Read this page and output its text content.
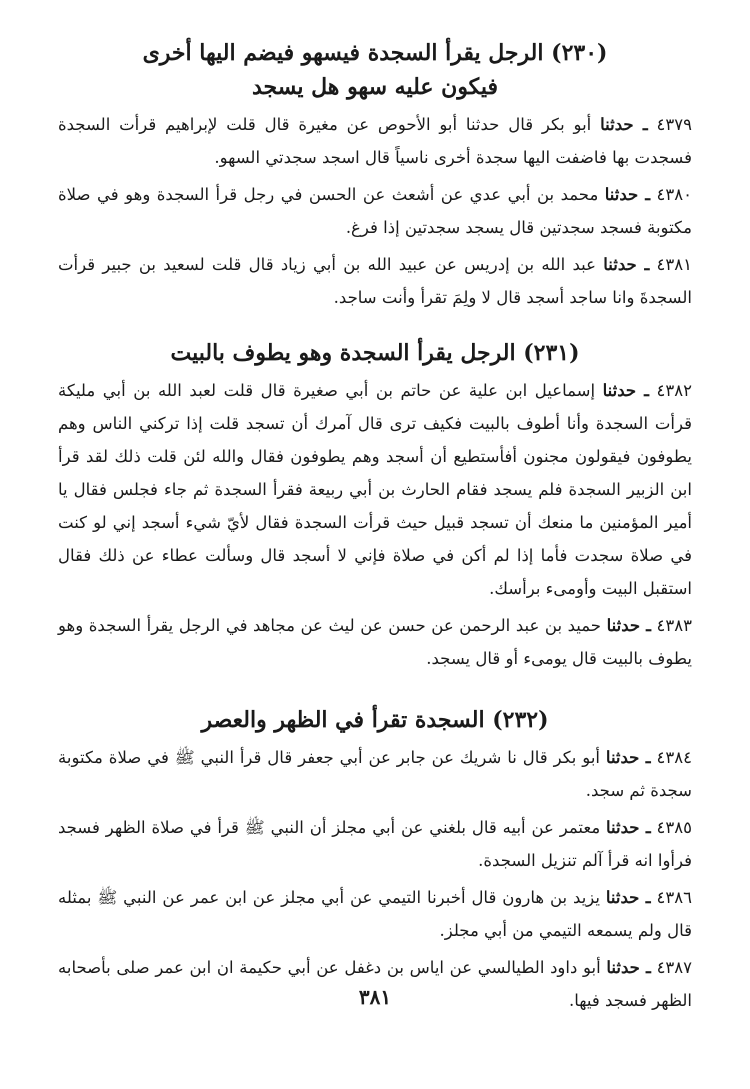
(٢٣٠) الرجل يقرأ السجدة فيسهو فيضم اليها أخرى
فيكون عليه سهو هل يسجد

٤٣٧٩ ـ حدثنا أبو بكر قال حدثنا أبو الأحوص عن مغيرة قال قلت لإبراهيم قرأت السجدة فسجدت بها فاضفت اليها سجدة أخرى ناسياً قال اسجد سجدتي السهو.

٤٣٨٠ ـ حدثنا محمد بن أبي عدي عن أشعث عن الحسن في رجل قرأ السجدة وهو في صلاة مكتوبة فسجد سجدتين قال يسجد سجدتين إذا فرغ.

٤٣٨١ ـ حدثنا عبد الله بن إدريس عن عبيد الله بن أبي زياد قال قلت لسعيد بن جبير قرأت السجدةَ وانا ساجد أسجد قال لا ولِمَ تقرأ وأنت ساجد.

(٢٣١) الرجل يقرأ السجدة وهو يطوف بالبيت

٤٣٨٢ ـ حدثنا إسماعيل ابن علية عن حاتم بن أبي صغيرة قال قلت لعبد الله بن أبي مليكة قرأت السجدة وأنا أطوف بالبيت فكيف ترى قال آمرك أن تسجد قلت إذا تركني الناس وهم يطوفون فيقولون مجنون أفأستطيع أن أسجد وهم يطوفون فقال والله لئن قلت ذلك لقد قرأ ابن الزبير السجدة فلم يسجد فقام الحارث بن أبي ربيعة فقرأ السجدة ثم جاء فجلس فقال يا أمير المؤمنين ما منعك أن تسجد قبيل حيث قرأت السجدة فقال لأيّ شيء أسجد إني لو كنت في صلاة سجدت فأما إذا لم أكن في صلاة فإني لا أسجد قال وسألت عطاء عن ذلك فقال استقبل البيت وأومىء برأسك.

٤٣٨٣ ـ حدثنا حميد بن عبد الرحمن عن حسن عن ليث عن مجاهد في الرجل يقرأ السجدة وهو يطوف بالبيت قال يومىء أو قال يسجد.

(٢٣٢) السجدة تقرأ في الظهر والعصر

٤٣٨٤ ـ حدثنا أبو بكر قال نا شريك عن جابر عن أبي جعفر قال قرأ النبي ﷺ في صلاة مكتوبة سجدة ثم سجد.

٤٣٨٥ ـ حدثنا معتمر عن أبيه قال بلغني عن أبي مجلز أن النبي ﷺ قرأ في صلاة الظهر فسجد فرأوا انه قرأ آلم تنزيل السجدة.

٤٣٨٦ ـ حدثنا يزيد بن هارون قال أخبرنا التيمي عن أبي مجلز عن ابن عمر عن النبي ﷺ بمثله قال ولم يسمعه التيمي من أبي مجلز.

٤٣٨٧ ـ حدثنا أبو داود الطيالسي عن اياس بن دغفل عن أبي حكيمة ان ابن عمر صلى بأصحابه الظهر فسجد فيها.

٣٨١
